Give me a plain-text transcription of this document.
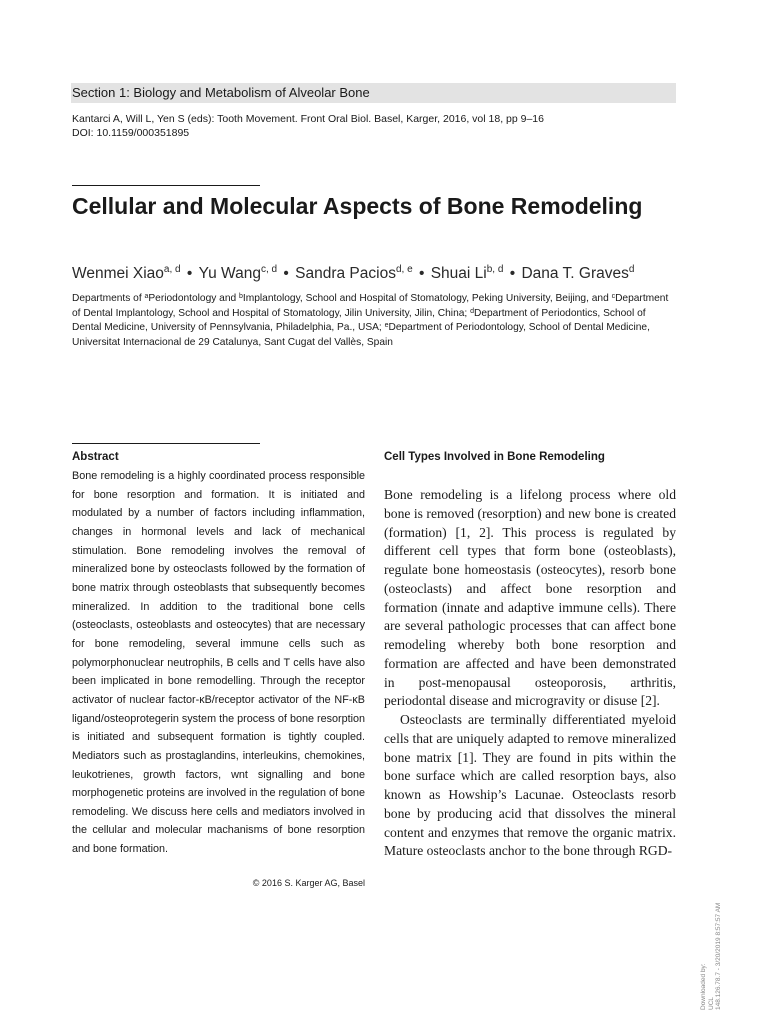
Section 1: Biology and Metabolism of Alveolar Bone
Kantarci A, Will L, Yen S (eds): Tooth Movement. Front Oral Biol. Basel, Karger, 2016, vol 18, pp 9–16
DOI: 10.1159/000351895
Cellular and Molecular Aspects of Bone Remodeling
Wenmei Xiao$^{a, d}$ • Yu Wang$^{c, d}$ • Sandra Pacios$^{d, e}$ • Shuai Li$^{b, d}$ • Dana T. Graves$^d$
Departments of $^a$Periodontology and $^b$Implantology, School and Hospital of Stomatology, Peking University, Beijing, and $^c$Department of Dental Implantology, School and Hospital of Stomatology, Jilin University, Jilin, China; $^d$Department of Periodontics, School of Dental Medicine, University of Pennsylvania, Philadelphia, Pa., USA; $^e$Department of Periodontology, School of Dental Medicine, Universitat Internacional de 29 Catalunya, Sant Cugat del Vallès, Spain
Abstract

Bone remodeling is a highly coordinated process responsible for bone resorption and formation. It is initiated and modulated by a number of factors including inflammation, changes in hormonal levels and lack of mechanical stimulation. Bone remodeling involves the removal of mineralized bone by osteoclasts followed by the formation of bone matrix through osteoblasts that subsequently becomes mineralized. In addition to the traditional bone cells (osteoclasts, osteoblasts and osteocytes) that are necessary for bone remodeling, several immune cells such as polymorphonuclear neutrophils, B cells and T cells have also been implicated in bone remodelling. Through the receptor activator of nuclear factor-κB/receptor activator of the NF-κB ligand/osteoprotegerin system the process of bone resorption is initiated and subsequent formation is tightly coupled. Mediators such as prostaglandins, interleukins, chemokines, leukotrienes, growth factors, wnt signalling and bone morphogenetic proteins are involved in the regulation of bone remodeling. We discuss here cells and mediators involved in the cellular and molecular machanisms of bone resorption and bone formation.

© 2016 S. Karger AG, Basel
Cell Types Involved in Bone Remodeling

Bone remodeling is a lifelong process where old bone is removed (resorption) and new bone is created (formation) [1, 2]. This process is regulated by different cell types that form bone (osteoblasts), regulate bone homeostasis (osteocytes), resorb bone (osteoclasts) and affect bone resorption and formation (innate and adaptive immune cells). There are several pathologic processes that can affect bone remodeling whereby both bone resorption and formation are affected and have been demonstrated in post-menopausal osteoporosis, arthritis, periodontal disease and microgravity or disuse [2].

Osteoclasts are terminally differentiated myeloid cells that are uniquely adapted to remove mineralized bone matrix [1]. They are found in pits within the bone surface which are called resorption bays, also known as Howship’s Lacunae. Osteoclasts resorb bone by producing acid that dissolves the mineral content and enzymes that remove the organic matrix. Mature osteoclasts anchor to the bone through RGD-

Downloaded by: UCL 148.126.78.7 - 3/20/2019 8:57:57 AM
